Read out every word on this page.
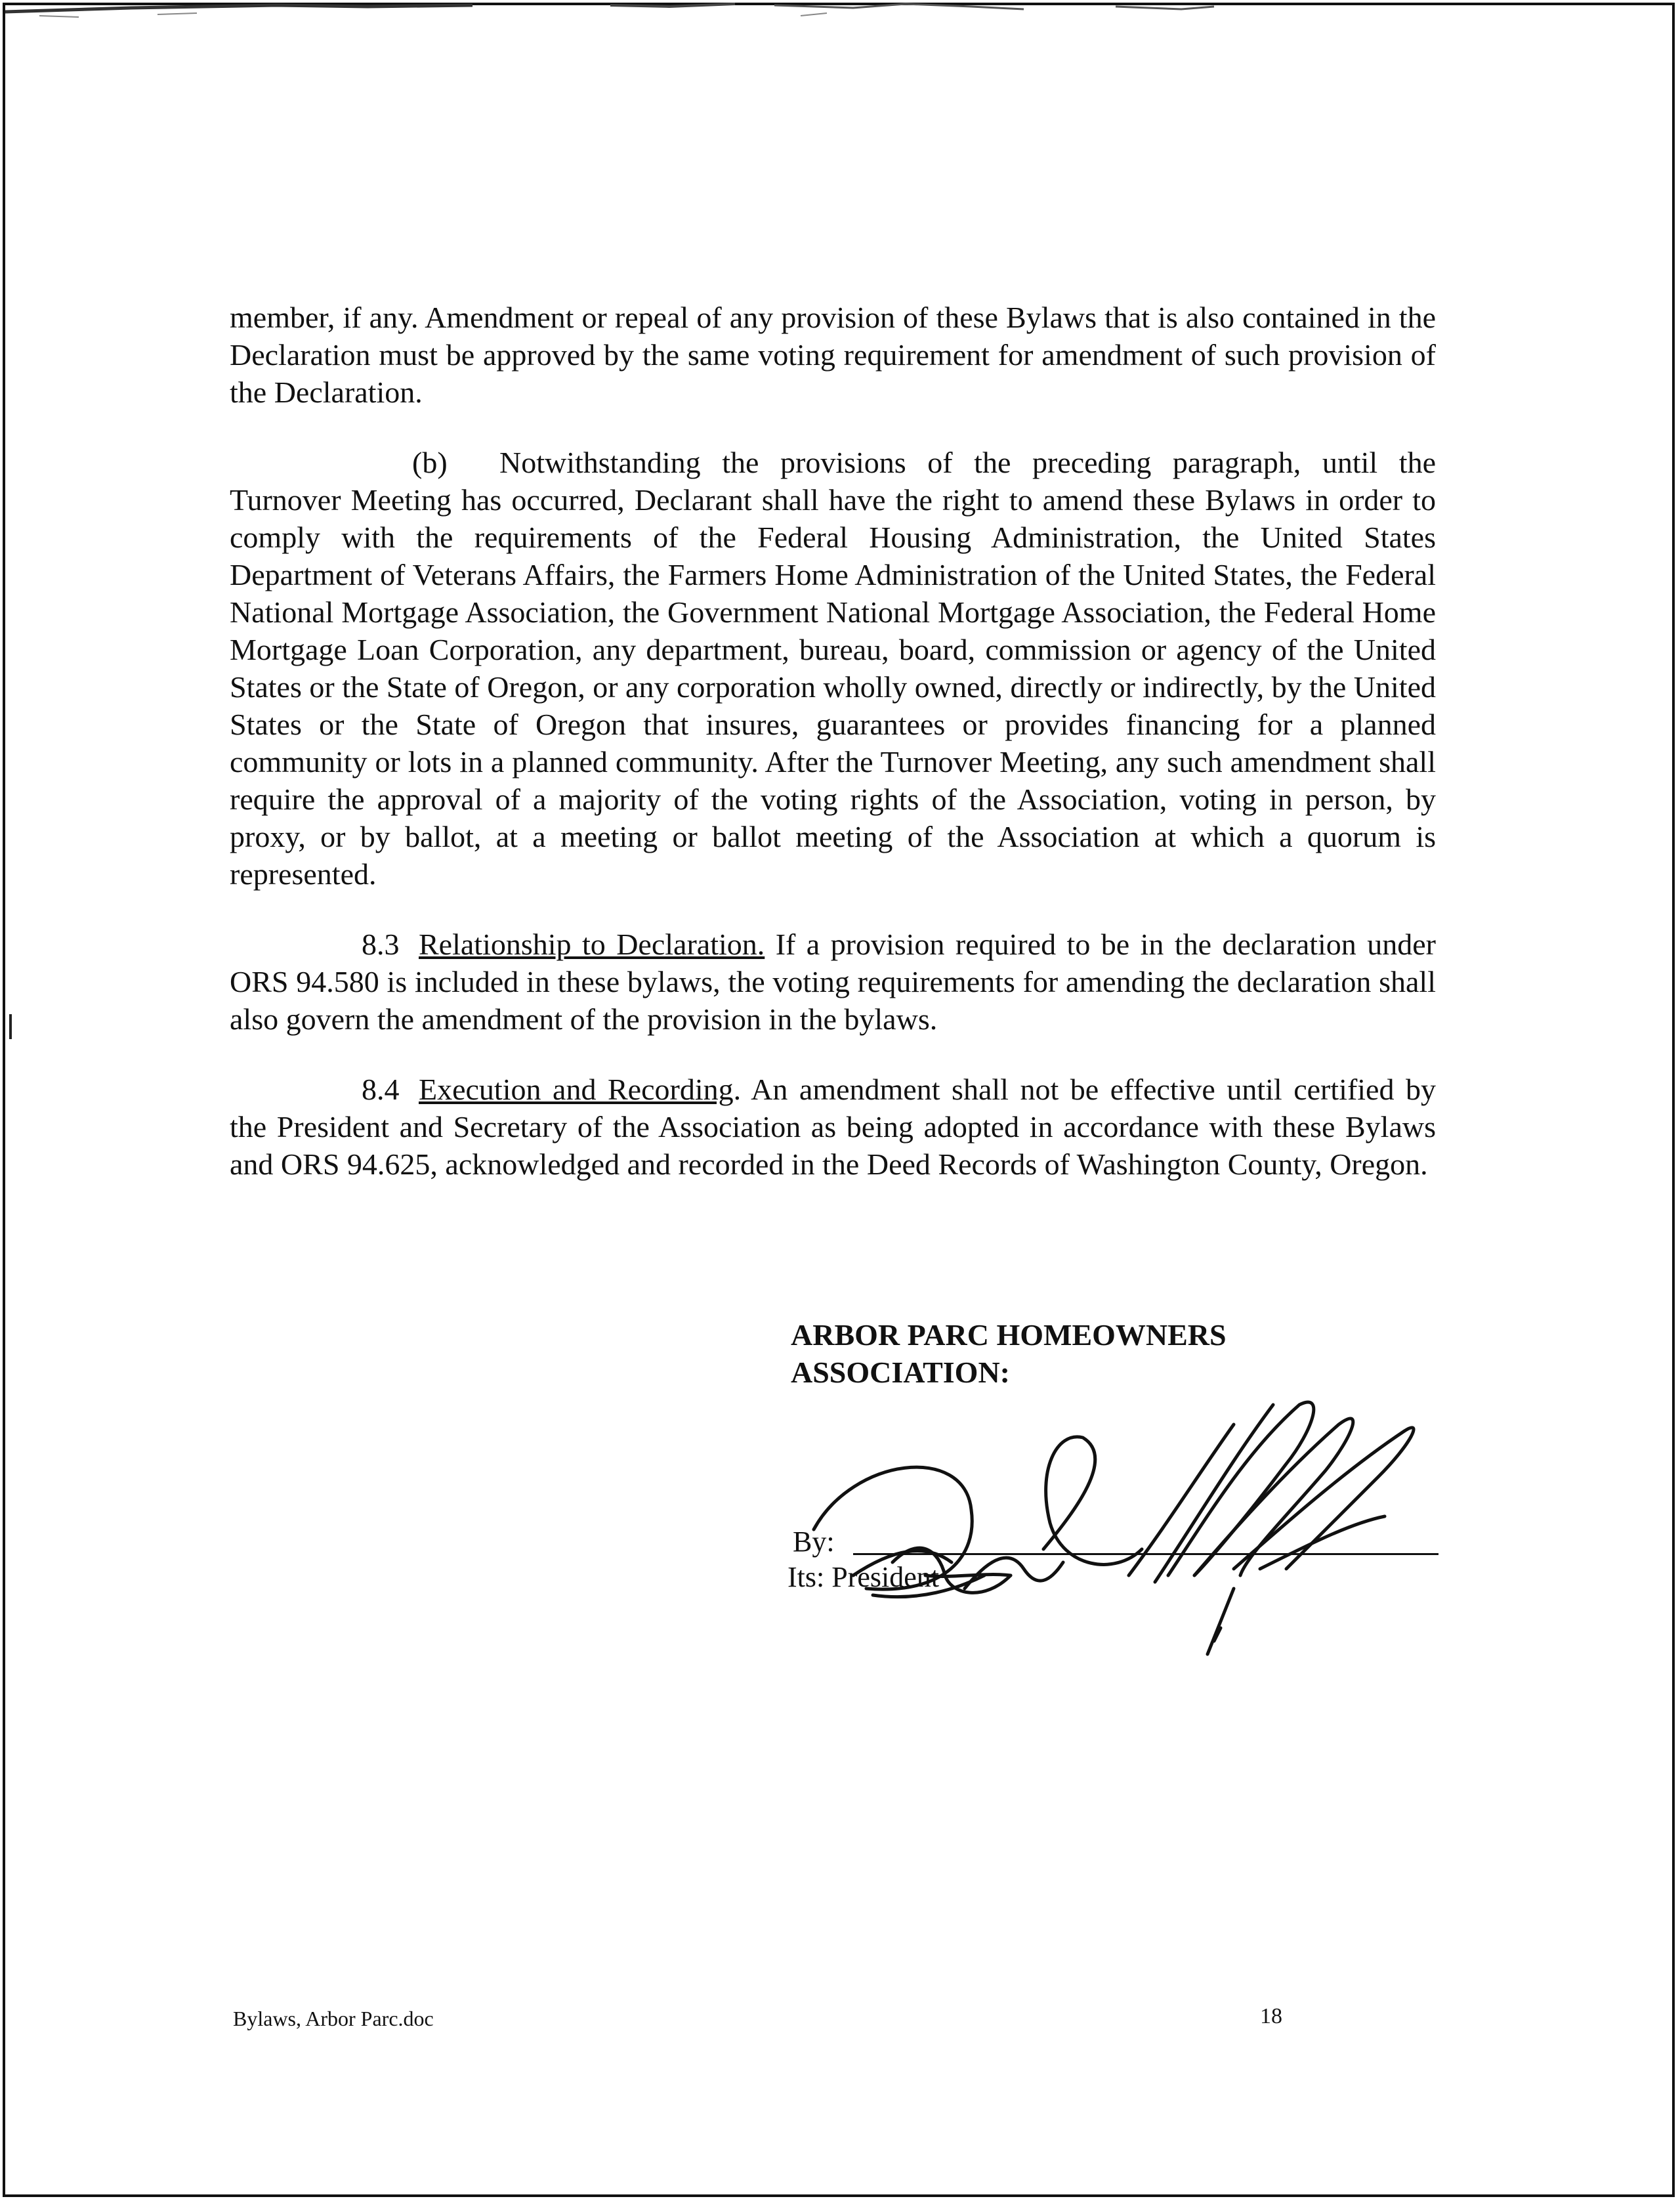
member, if any. Amendment or repeal of any provision of these Bylaws that is also contained in the Declaration must be approved by the same voting requirement for amendment of such provision of the Declaration.

(b) Notwithstanding the provisions of the preceding paragraph, until the Turnover Meeting has occurred, Declarant shall have the right to amend these Bylaws in order to comply with the requirements of the Federal Housing Administration, the United States Department of Veterans Affairs, the Farmers Home Administration of the United States, the Federal National Mortgage Association, the Government National Mortgage Association, the Federal Home Mortgage Loan Corporation, any department, bureau, board, commission or agency of the United States or the State of Oregon, or any corporation wholly owned, directly or indirectly, by the United States or the State of Oregon that insures, guarantees or provides financing for a planned community or lots in a planned community. After the Turnover Meeting, any such amendment shall require the approval of a majority of the voting rights of the Association, voting in person, by proxy, or by ballot, at a meeting or ballot meeting of the Association at which a quorum is represented.

8.3 Relationship to Declaration. If a provision required to be in the declaration under ORS 94.580 is included in these bylaws, the voting requirements for amending the declaration shall also govern the amendment of the provision in the bylaws.

8.4 Execution and Recording. An amendment shall not be effective until certified by the President and Secretary of the Association as being adopted in accordance with these Bylaws and ORS 94.625, acknowledged and recorded in the Deed Records of Washington County, Oregon.

ARBOR PARC HOMEOWNERS
ASSOCIATION:
By:
Its: President
Bylaws, Arbor Parc.doc	18
